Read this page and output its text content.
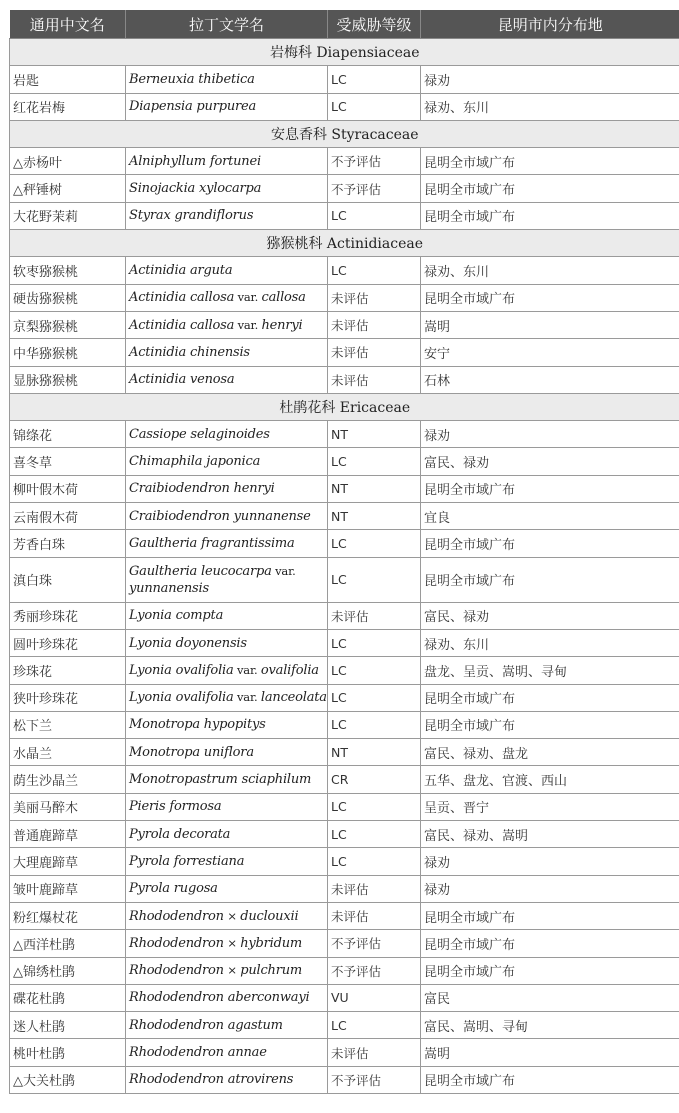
通用中文名	拉丁文学名	受威胁等级	昆明市内分布地
岩梅科 Diapensiaceae			
岩匙	Berneuxia thibetica	LC	禄劝
红花岩梅	Diapensia purpurea	LC	禄劝、东川
安息香科 Styracaceae			
△赤杨叶	Alniphyllum fortunei	不予评估	昆明全市域广布
△秤锤树	Sinojackia xylocarpa	不予评估	昆明全市域广布
大花野茉莉	Styrax grandiflorus	LC	昆明全市域广布
猕猴桃科 Actinidiaceae			
软枣猕猴桃	Actinidia arguta	LC	禄劝、东川
硬齿猕猴桃	Actinidia callosa var. callosa	未评估	昆明全市域广布
京梨猕猴桃	Actinidia callosa var. henryi	未评估	嵩明
中华猕猴桃	Actinidia chinensis	未评估	安宁
显脉猕猴桃	Actinidia venosa	未评估	石林
杜鹃花科 Ericaceae			
锦绦花	Cassiope selaginoides	NT	禄劝
喜冬草	Chimaphila japonica	LC	富民、禄劝
柳叶假木荷	Craibiodendron henryi	NT	昆明全市域广布
云南假木荷	Craibiodendron yunnanense	NT	宜良
芳香白珠	Gaultheria fragrantissima	LC	昆明全市域广布
滇白珠	Gaultheria leucocarpa var. yunnanensis	LC	昆明全市域广布
秀丽珍珠花	Lyonia compta	未评估	富民、禄劝
圆叶珍珠花	Lyonia doyonensis	LC	禄劝、东川
珍珠花	Lyonia ovalifolia var. ovalifolia	LC	盘龙、呈贡、嵩明、寻甸
狭叶珍珠花	Lyonia ovalifolia var. lanceolata	LC	昆明全市域广布
松下兰	Monotropa hypopitys	LC	昆明全市域广布
水晶兰	Monotropa uniflora	NT	富民、禄劝、盘龙
荫生沙晶兰	Monotropastrum sciaphilum	CR	五华、盘龙、官渡、西山
美丽马醉木	Pieris formosa	LC	呈贡、晋宁
普通鹿蹄草	Pyrola decorata	LC	富民、禄劝、嵩明
大理鹿蹄草	Pyrola forrestiana	LC	禄劝
皱叶鹿蹄草	Pyrola rugosa	未评估	禄劝
粉红爆杖花	Rhododendron × duclouxii	未评估	昆明全市域广布
△西洋杜鹃	Rhododendron × hybridum	不予评估	昆明全市域广布
△锦绣杜鹃	Rhododendron × pulchrum	不予评估	昆明全市域广布
碟花杜鹃	Rhododendron aberconwayi	VU	富民
迷人杜鹃	Rhododendron agastum	LC	富民、嵩明、寻甸
桃叶杜鹃	Rhododendron annae	未评估	嵩明
△大关杜鹃	Rhododendron atrovirens	不予评估	昆明全市域广布
